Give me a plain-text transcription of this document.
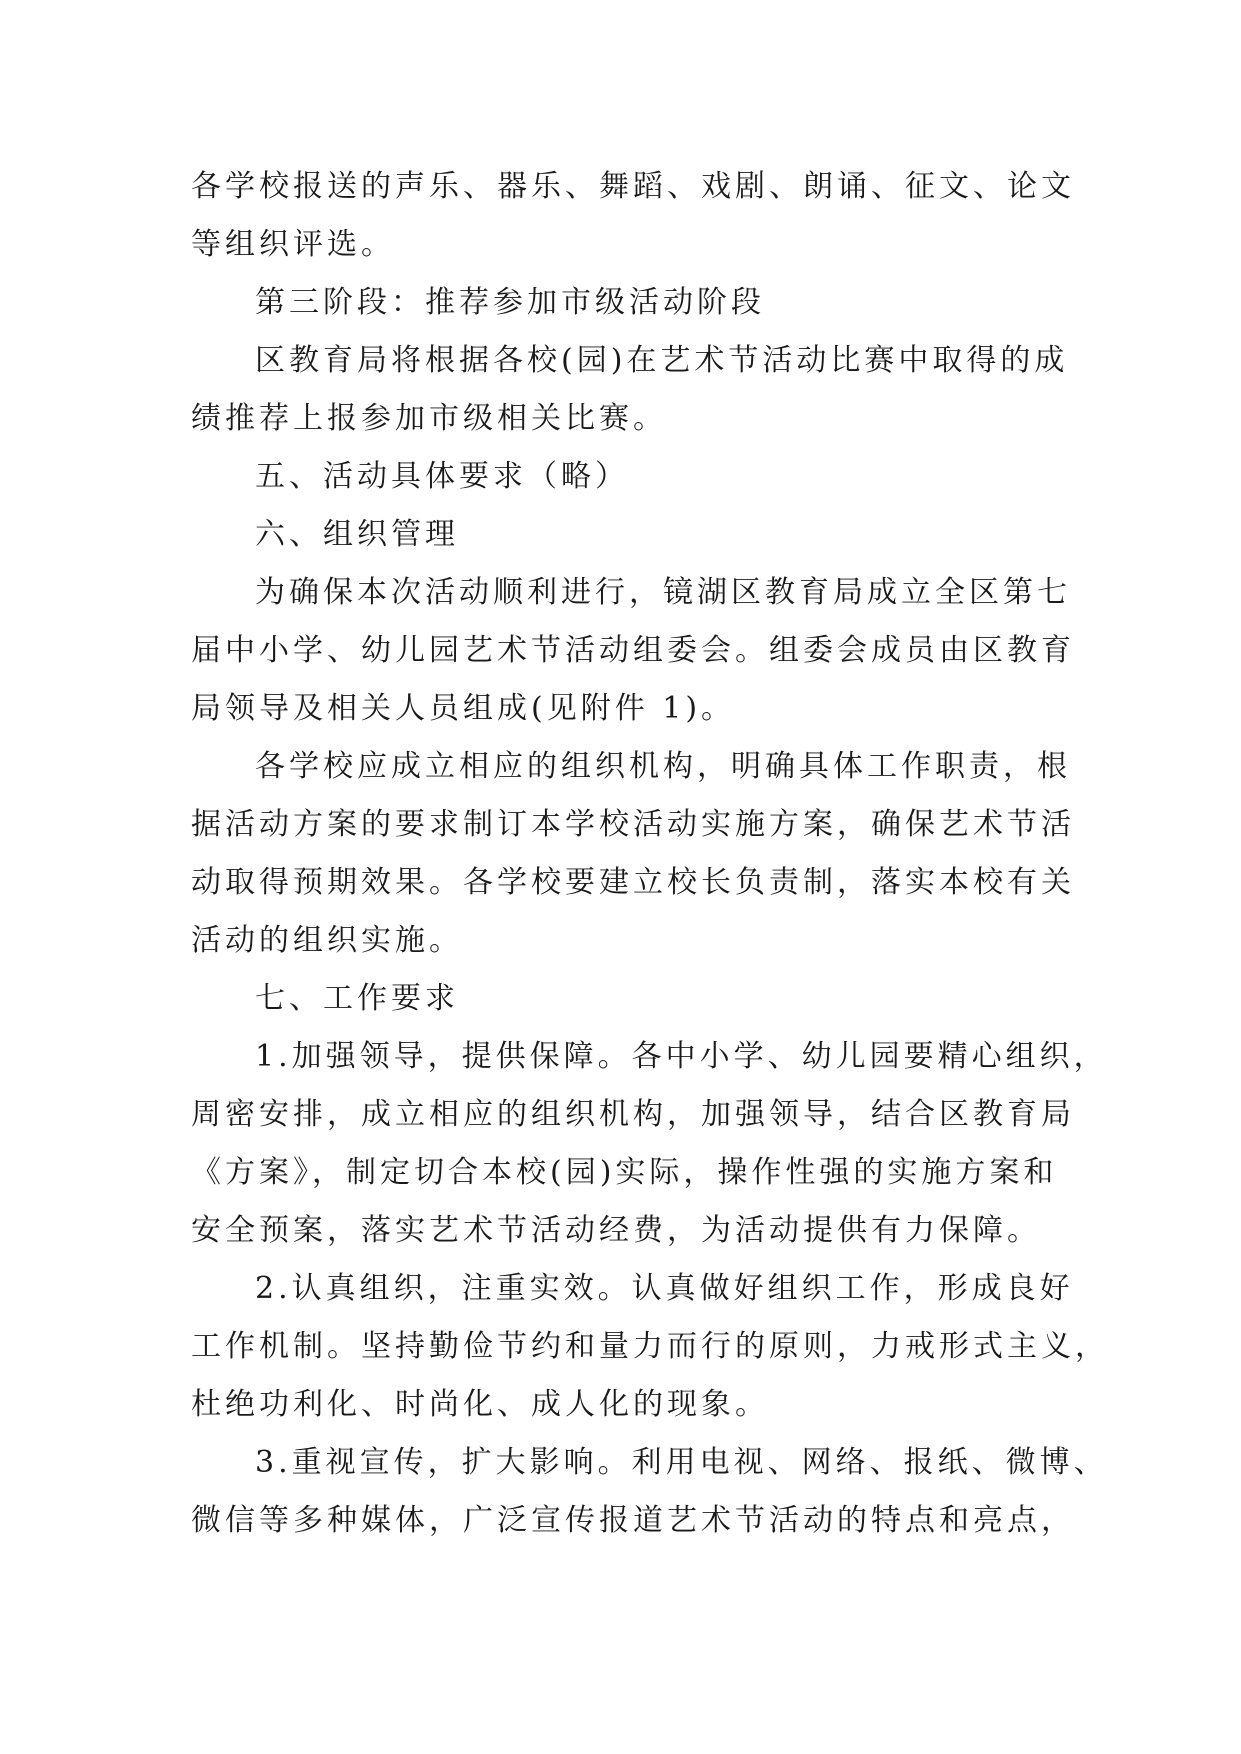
各学校报送的声乐、器乐、舞蹈、戏剧、朗诵、征文、论文
等组织评选。
第三阶段：推荐参加市级活动阶段
区教育局将根据各校(园)在艺术节活动比赛中取得的成
绩推荐上报参加市级相关比赛。
五、活动具体要求（略）
六、组织管理
为确保本次活动顺利进行，镜湖区教育局成立全区第七
届中小学、幼儿园艺术节活动组委会。组委会成员由区教育
局领导及相关人员组成(见附件 1)。
各学校应成立相应的组织机构，明确具体工作职责，根
据活动方案的要求制订本学校活动实施方案，确保艺术节活
动取得预期效果。各学校要建立校长负责制，落实本校有关
活动的组织实施。
七、工作要求
1.加强领导，提供保障。各中小学、幼儿园要精心组织，
周密安排，成立相应的组织机构，加强领导，结合区教育局
《方案》，制定切合本校(园)实际，操作性强的实施方案和
安全预案，落实艺术节活动经费，为活动提供有力保障。
2.认真组织，注重实效。认真做好组织工作，形成良好
工作机制。坚持勤俭节约和量力而行的原则，力戒形式主义，
杜绝功利化、时尚化、成人化的现象。
3.重视宣传，扩大影响。利用电视、网络、报纸、微博、
微信等多种媒体，广泛宣传报道艺术节活动的特点和亮点，
